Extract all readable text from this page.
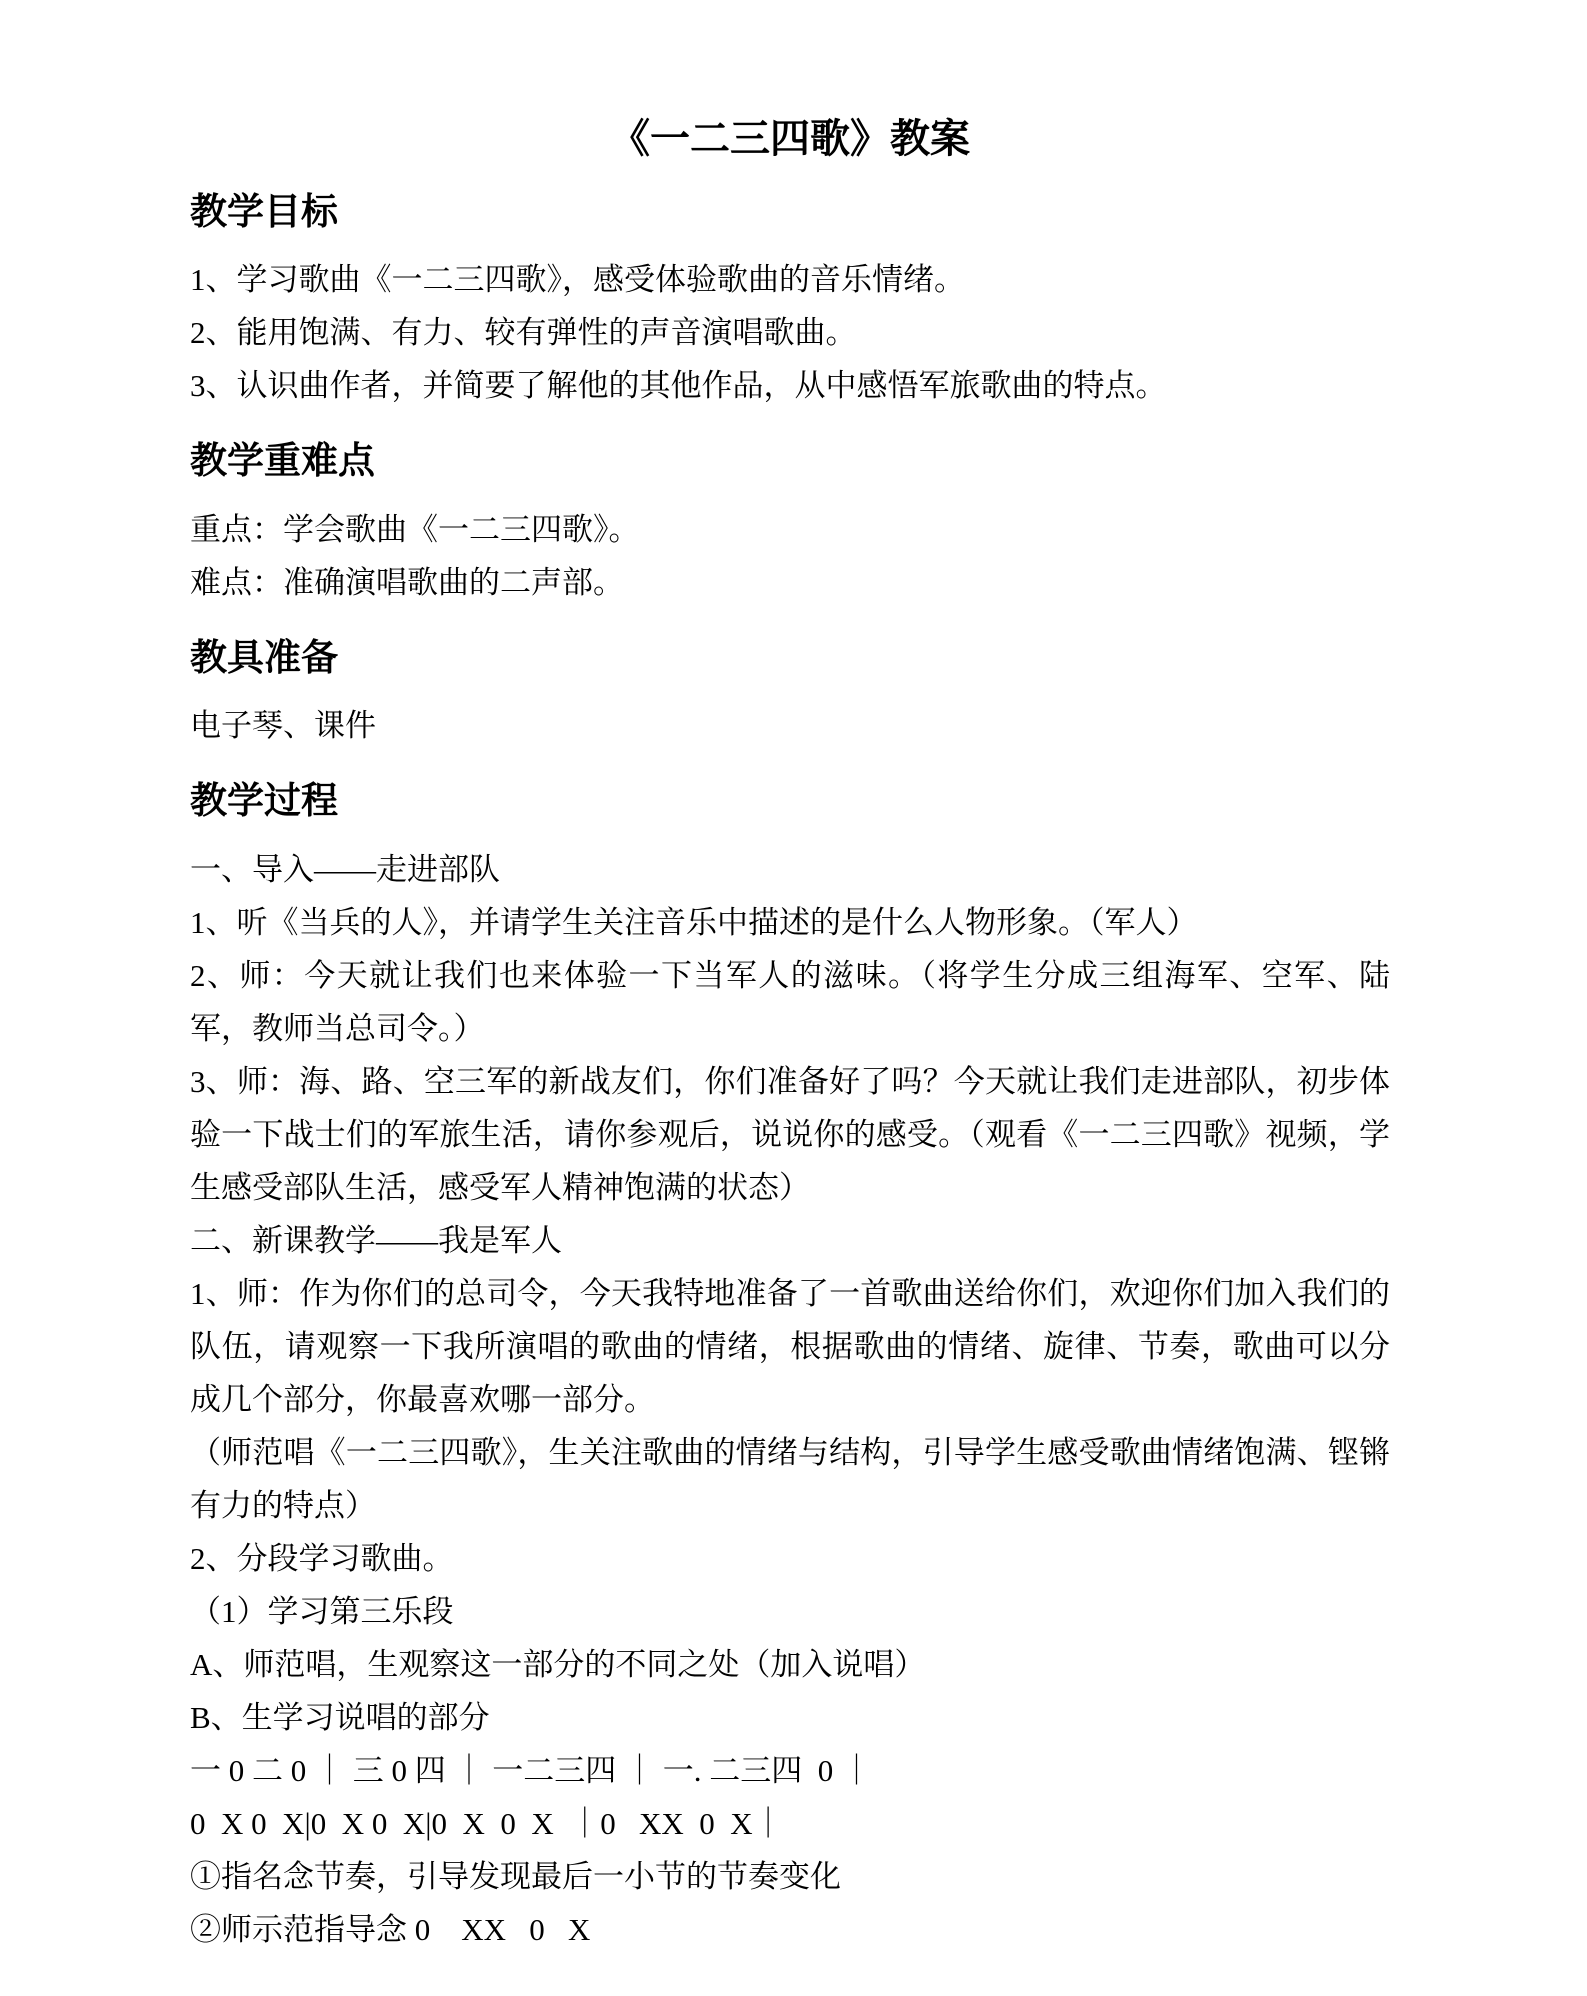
《一二三四歌》教案
教学目标

1、学习歌曲《一二三四歌》，感受体验歌曲的音乐情绪。

2、能用饱满、有力、较有弹性的声音演唱歌曲。

3、认识曲作者，并简要了解他的其他作品，从中感悟军旅歌曲的特点。

教学重难点

重点：学会歌曲《一二三四歌》。

难点：准确演唱歌曲的二声部。

教具准备

电子琴、课件

教学过程

一、导入——走进部队

1、听《当兵的人》，并请学生关注音乐中描述的是什么人物形象。（军人）

2、师：今天就让我们也来体验一下当军人的滋味。（将学生分成三组海军、空军、陆军，教师当总司令。）

3、师：海、路、空三军的新战友们，你们准备好了吗？今天就让我们走进部队，初步体验一下战士们的军旅生活，请你参观后，说说你的感受。（观看《一二三四歌》视频，学生感受部队生活，感受军人精神饱满的状态）

二、新课教学——我是军人

1、师：作为你们的总司令，今天我特地准备了一首歌曲送给你们，欢迎你们加入我们的队伍，请观察一下我所演唱的歌曲的情绪，根据歌曲的情绪、旋律、节奏，歌曲可以分成几个部分，你最喜欢哪一部分。

（师范唱《一二三四歌》，生关注歌曲的情绪与结构，引导学生感受歌曲情绪饱满、铿锵有力的特点）

2、分段学习歌曲。

（1）学习第三乐段

A、师范唱，生观察这一部分的不同之处（加入说唱）

B、生学习说唱的部分

一 0 二 0 ｜ 三 0 四 ｜ 一二三四 ｜ 一. 二三四  0 ｜

0  X 0  X|0  X 0  X|0  X  0  X  ｜0   XX  0  X｜

①指名念节奏，引导发现最后一小节的节奏变化

②师示范指导念 0    XX   0   X
